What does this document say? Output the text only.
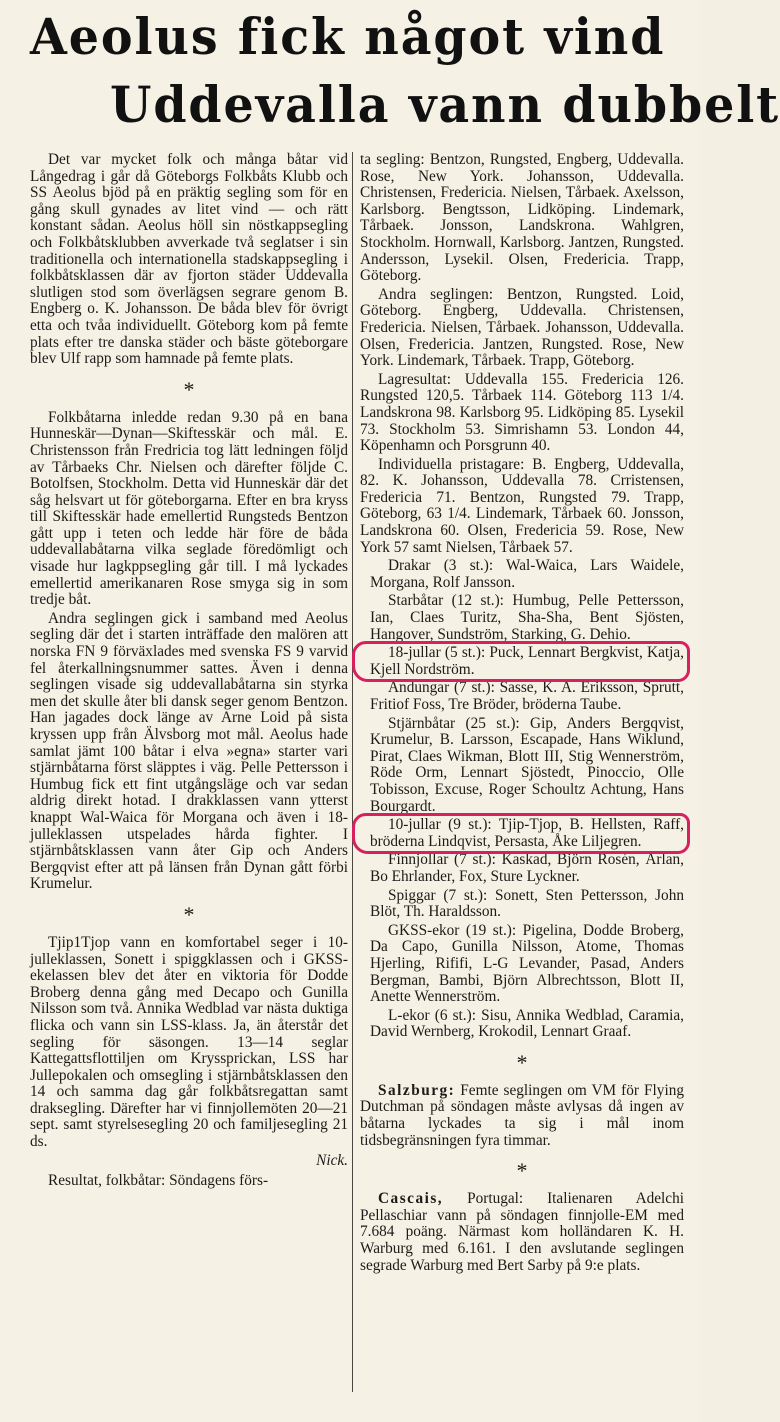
Aeolus fick något vind
Uddevalla vann dubbelt

Det var mycket folk och många båtar vid Långedrag i går då Göteborgs Folkbåts Klubb och SS Aeolus bjöd på en präktig segling som för en gång skull gynades av litet vind — och rätt konstant sådan. Aeolus höll sin nöstkappsegling och Folkbåtsklubben avverkade två seglatser i sin traditionella och internationella stadskappsegling i folkbåtsklassen där av fjorton städer Uddevalla slutligen stod som överlägsen segrare genom B. Engberg o. K. Johansson. De båda blev för övrigt etta och tvåa individuellt. Göteborg kom på femte plats efter tre danska städer och bäste göteborgare blev Ulf rapp som hamnade på femte plats.

*

Folkbåtarna inledde redan 9.30 på en bana Hunneskär—Dynan—Skiftesskär och mål. E. Christensson från Fredricia tog lätt ledningen följd av Tårbaeks Chr. Nielsen och därefter följde C. Botolfsen, Stockholm. Detta vid Hunneskär där det såg helsvart ut för göteborgarna. Efter en bra kryss till Skiftesskär hade emellertid Rungsteds Bentzon gått upp i teten och ledde här före de båda uddevallabåtarna vilka seglade föredömligt och visade hur lagkppsegling går till. I må lyckades emellertid amerikanaren Rose smyga sig in som tredje båt.

Andra seglingen gick i samband med Aeolus segling där det i starten inträffade den malören att norska FN 9 förväxlades med svenska FS 9 varvid fel återkallningsnummer sattes. Även i denna seglingen visade sig uddevallabåtarna sin styrka men det skulle åter bli dansk seger genom Bentzon. Han jagades dock länge av Arne Loid på sista kryssen upp från Älvsborg mot mål. Aeolus hade samlat jämt 100 båtar i elva »egna» starter vari stjärnbåtarna först släpptes i väg. Pelle Pettersson i Humbug fick ett fint utgångsläge och var sedan aldrig direkt hotad. I drakklassen vann ytterst knappt Wal-Waica för Morgana och även i 18-julleklassen utspelades hårda fighter. I stjärnbåtsklassen vann åter Gip och Anders Bergqvist efter att på länsen från Dynan gått förbi Krumelur.

*

Tjip1Tjop vann en komfortabel seger i 10-julleklassen, Sonett i spiggklassen och i GKSS-ekelassen blev det åter en viktoria för Dodde Broberg denna gång med Decapo och Gunilla Nilsson som två. Annika Wedblad var nästa duktiga flicka och vann sin LSS-klass. Ja, än återstår det segling för säsongen. 13—14 seglar Kattegattsflottiljen om Kryssprickan, LSS har Jullepokalen och omsegling i stjärnbåtsklassen den 14 och samma dag går folkbåtsregattan samt draksegling. Därefter har vi finnjollemöten 20—21 sept. samt styrelsesegling 20 och familjesegling 21 ds.

Nick.

Resultat, folkbåtar: Söndagens förs-

ta segling: Bentzon, Rungsted, Engberg, Uddevalla. Rose, New York. Johansson, Uddevalla. Christensen, Fredericia. Nielsen, Tårbaek. Axelsson, Karlsborg. Bengtsson, Lidköping. Lindemark, Tårbaek. Jonsson, Landskrona. Wahlgren, Stockholm. Hornwall, Karlsborg. Jantzen, Rungsted. Andersson, Lysekil. Olsen, Fredericia. Trapp, Göteborg.

Andra seglingen: Bentzon, Rungsted. Loid, Göteborg. Engberg, Uddevalla. Christensen, Fredericia. Nielsen, Tårbaek. Johansson, Uddevalla. Olsen, Fredericia. Jantzen, Rungsted. Rose, New York. Lindemark, Tårbaek. Trapp, Göteborg.

Lagresultat: Uddevalla 155. Fredericia 126. Rungsted 120,5. Tårbaek 114. Göteborg 113 1/4. Landskrona 98. Karlsborg 95. Lidköping 85. Lysekil 73. Stockholm 53. Simrishamn 53. London 44, Köpenhamn och Porsgrunn 40.

Individuella pristagare: B. Engberg, Uddevalla, 82. K. Johansson, Uddevalla 78. Crristensen, Fredericia 71. Bentzon, Rungsted 79. Trapp, Göteborg, 63 1/4. Lindemark, Tårbaek 60. Jonsson, Landskrona 60. Olsen, Fredericia 59. Rose, New York 57 samt Nielsen, Tårbaek 57.

Drakar (3 st.): Wal-Waica, Lars Waidele, Morgana, Rolf Jansson.

Starbåtar (12 st.): Humbug, Pelle Pettersson, Ian, Claes Turitz, Sha-Sha, Bent Sjösten, Hangover, Sundström, Starking, G. Dehio.

18-jullar (5 st.): Puck, Lennart Bergkvist, Katja, Kjell Nordström.

Andungar (7 st.): Sasse, K. A. Eriksson, Sprutt, Fritiof Foss, Tre Bröder, bröderna Taube.

Stjärnbåtar (25 st.): Gip, Anders Bergqvist, Krumelur, B. Larsson, Escapade, Hans Wiklund, Pirat, Claes Wikman, Blott III, Stig Wennerström, Röde Orm, Lennart Sjöstedt, Pinoccio, Olle Tobisson, Excuse, Roger Schoultz Achtung, Hans Bourgardt.

10-jullar (9 st.): Tjip-Tjop, B. Hellsten, Raff, bröderna Lindqvist, Persasta, Åke Liljegren.

Finnjollar (7 st.): Kaskad, Björn Rosén, Ärlan, Bo Ehrlander, Fox, Sture Lyckner.

Spiggar (7 st.): Sonett, Sten Pettersson, John Blöt, Th. Haraldsson.

GKSS-ekor (19 st.): Pigelina, Dodde Broberg, Da Capo, Gunilla Nilsson, Atome, Thomas Hjerling, Rififi, L-G Levander, Pasad, Anders Bergman, Bambi, Björn Albrechtsson, Blott II, Anette Wennerström.

L-ekor (6 st.): Sisu, Annika Wedblad, Caramia, David Wernberg, Krokodil, Lennart Graaf.

*

Salzburg: Femte seglingen om VM för Flying Dutchman på söndagen måste avlysas då ingen av båtarna lyckades ta sig i mål inom tidsbegränsningen fyra timmar.

*

Cascais, Portugal: Italienaren Adelchi Pellaschiar vann på söndagen finnjolle-EM med 7.684 poäng. Närmast kom holländaren K. H. Warburg med 6.161. I den avslutande seglingen segrade Warburg med Bert Sarby på 9:e plats.
